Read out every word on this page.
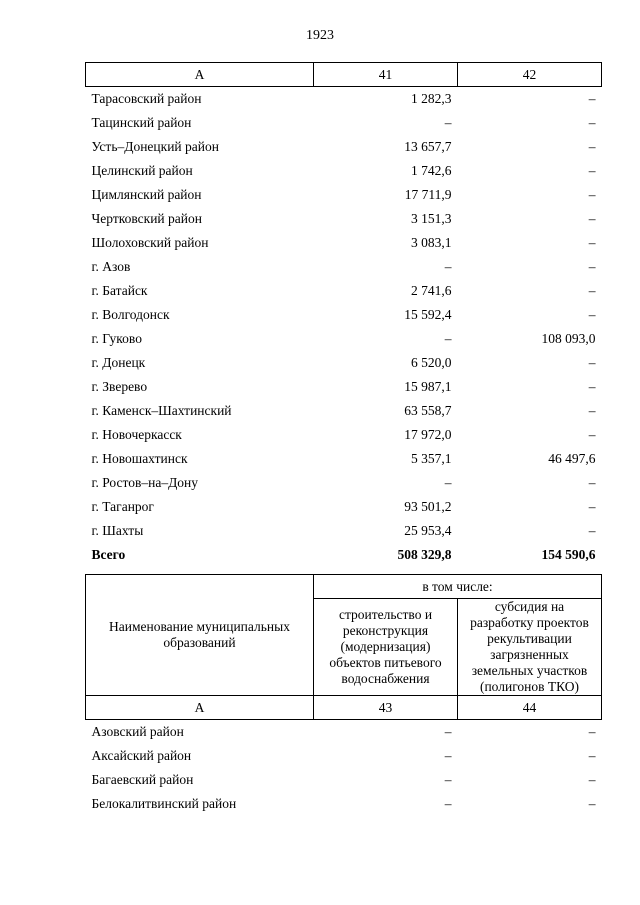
1923
А	41	42
Тарасовский район	1 282,3	–
Тацинский район	–	–
Усть–Донецкий район	13 657,7	–
Целинский район	1 742,6	–
Цимлянский район	17 711,9	–
Чертковский район	3 151,3	–
Шолоховский район	3 083,1	–
г. Азов	–	–
г. Батайск	2 741,6	–
г. Волгодонск	15 592,4	–
г. Гуково	–	108 093,0
г. Донецк	6 520,0	–
г. Зверево	15 987,1	–
г. Каменск–Шахтинский	63 558,7	–
г. Новочеркасск	17 972,0	–
г. Новошахтинск	5 357,1	46 497,6
г. Ростов–на–Дону	–	–
г. Таганрог	93 501,2	–
г. Шахты	25 953,4	–
Всего	508 329,8	154 590,6
Наименование муниципальных образований	в том числе:	
	строительство и реконструкция (модернизация) объектов питьевого водоснабжения	субсидия на разработку проектов рекультивации загрязненных земельных участков (полигонов ТКО)
А	43	44
Азовский район	–	–
Аксайский район	–	–
Багаевский район	–	–
Белокалитвинский район	–	–
